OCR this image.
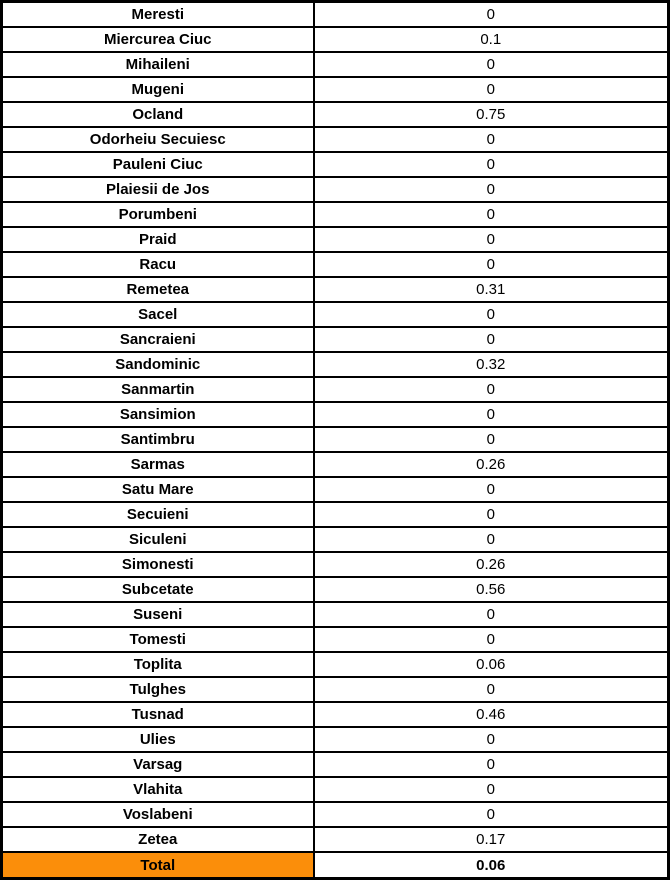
Meresti	0
Miercurea Ciuc	0.1
Mihaileni	0
Mugeni	0
Ocland	0.75
Odorheiu Secuiesc	0
Pauleni Ciuc	0
Plaiesii de Jos	0
Porumbeni	0
Praid	0
Racu	0
Remetea	0.31
Sacel	0
Sancraieni	0
Sandominic	0.32
Sanmartin	0
Sansimion	0
Santimbru	0
Sarmas	0.26
Satu Mare	0
Secuieni	0
Siculeni	0
Simonesti	0.26
Subcetate	0.56
Suseni	0
Tomesti	0
Toplita	0.06
Tulghes	0
Tusnad	0.46
Ulies	0
Varsag	0
Vlahita	0
Voslabeni	0
Zetea	0.17
Total	0.06
